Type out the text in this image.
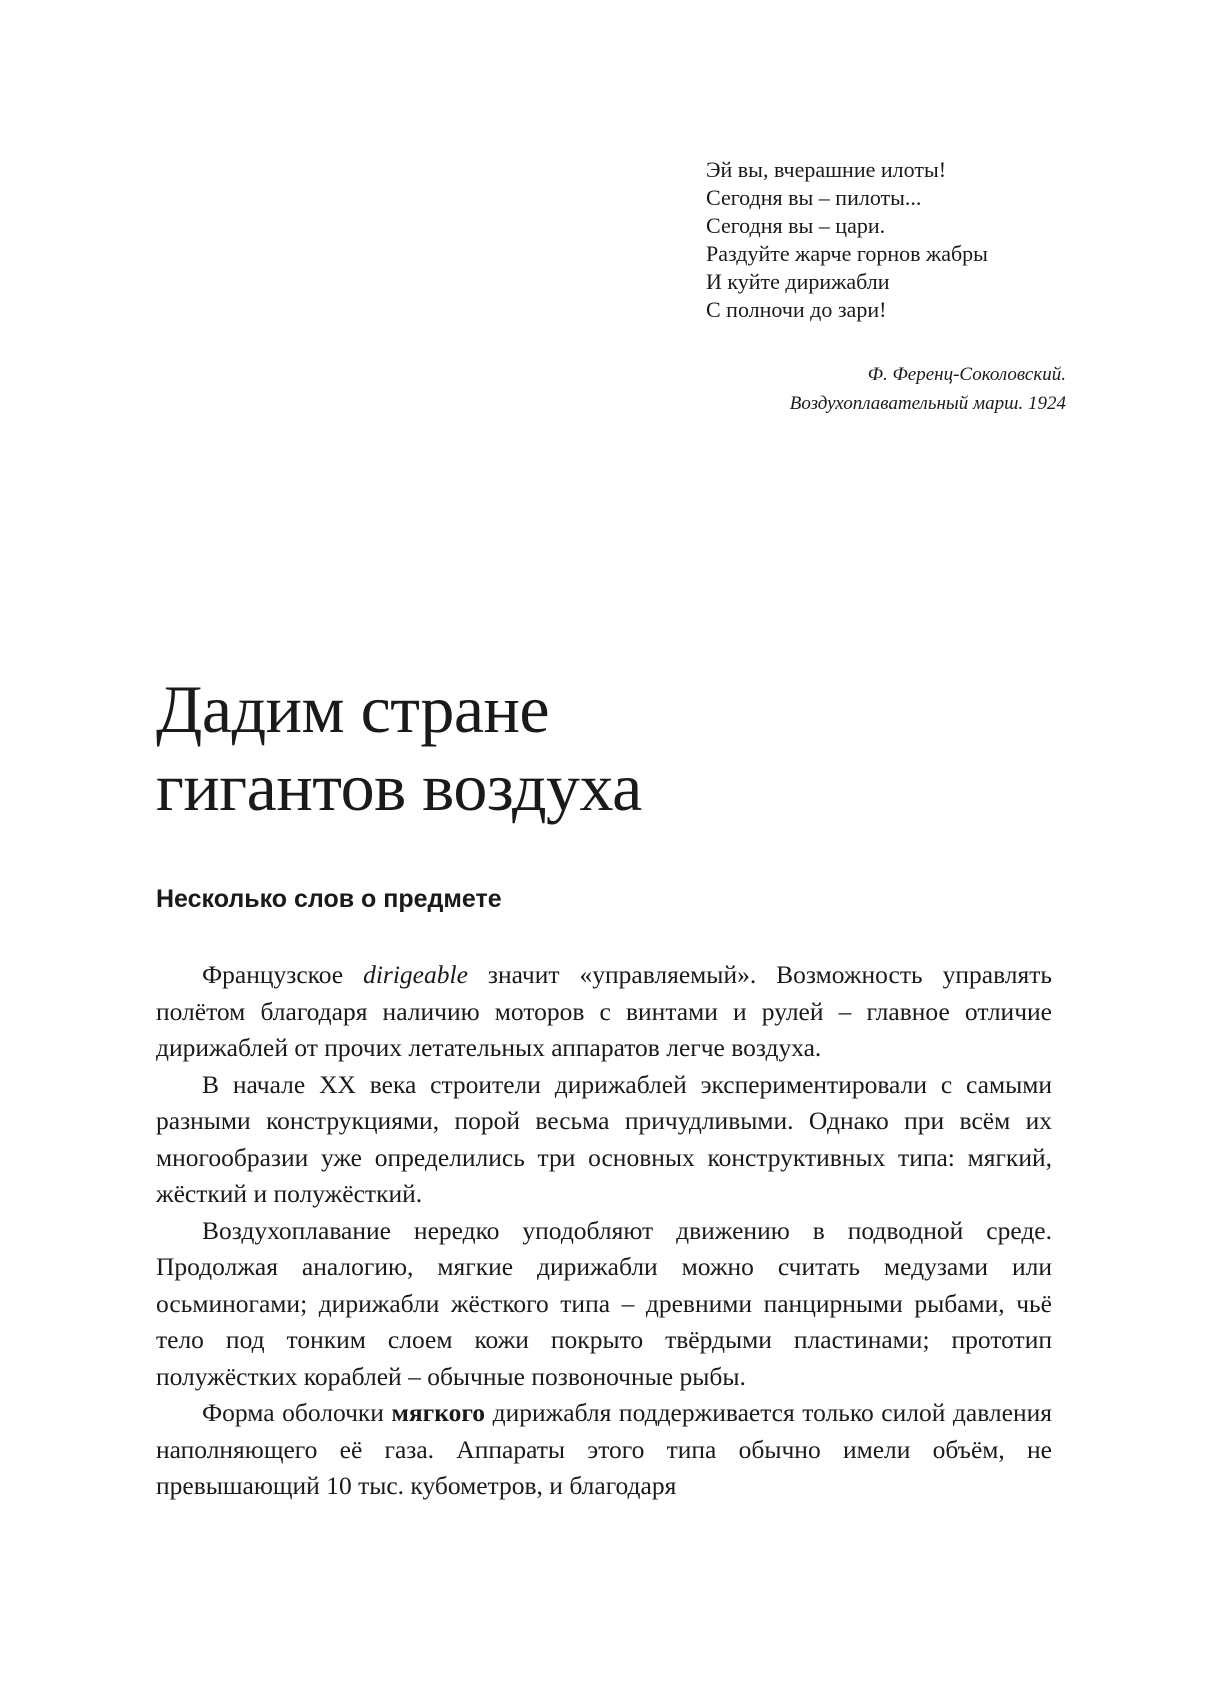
Эй вы, вчерашние илоты!
Сегодня вы – пилоты...
Сегодня вы – цари.
Раздуйте жарче горнов жабры
И куйте дирижабли
С полночи до зари!
Ф. Ференц-Соколовский.
Воздухоплавательный марш. 1924
Дадим стране
гигантов воздуха
Несколько слов о предмете

Французское dirigeable значит «управляемый». Возможность управлять полётом благодаря наличию моторов с винтами и рулей – главное отличие дирижаблей от прочих летательных аппаратов легче воздуха.

В начале XX века строители дирижаблей экспериментировали с самыми разными конструкциями, порой весьма причудливыми. Однако при всём их многообразии уже определились три основных конструктивных типа: мягкий, жёсткий и полужёсткий.

Воздухоплавание нередко уподобляют движению в подводной среде. Продолжая аналогию, мягкие дирижабли можно считать медузами или осьминогами; дирижабли жёсткого типа – древними панцирными рыбами, чьё тело под тонким слоем кожи покрыто твёрдыми пластинами; прототип полужёстких кораблей – обычные позвоночные рыбы.

Форма оболочки мягкого дирижабля поддерживается только силой давления наполняющего её газа. Аппараты этого типа обычно имели объём, не превышающий 10 тыс. кубометров, и благодаря
